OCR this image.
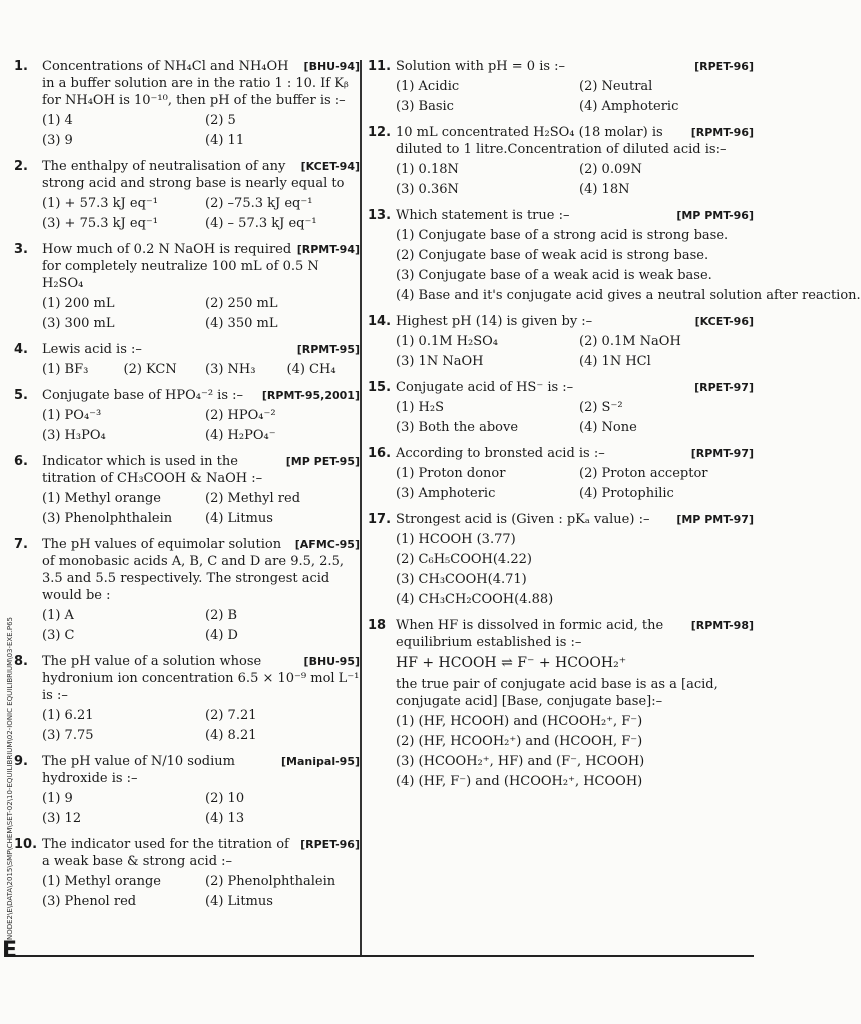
1.	[BHU-94]
Concentrations of NH₄Cl and NH₄OH in a buffer solution are in the ratio 1 : 10. If Kᵦ for NH₄OH is 10⁻¹⁰, then pH of the buffer is :–
(1) 4	(2) 5
(3) 9	(4) 11
2.	[KCET-94]
The enthalpy of neutralisation of any strong acid and strong base is nearly equal to
(1) + 57.3 kJ eq⁻¹	(2) –75.3 kJ eq⁻¹
(3) + 75.3 kJ eq⁻¹	(4) – 57.3 kJ eq⁻¹
3.	[RPMT-94]
How much of 0.2 N NaOH is required for completely neutralize 100 mL of 0.5 N H₂SO₄
(1) 200 mL	(2) 250 mL
(3) 300 mL	(4) 350 mL
4.	[RPMT-95]
Lewis acid is :–
(1) BF₃	(2) KCN	(3) NH₃	(4) CH₄
5.	[RPMT-95,2001]
Conjugate base of HPO₄⁻² is :–
(1) PO₄⁻³	(2) HPO₄⁻²
(3) H₃PO₄	(4) H₂PO₄⁻
6.	[MP PET-95]
Indicator which is used in the titration of CH₃COOH & NaOH :–
(1) Methyl orange	(2) Methyl red
(3) Phenolphthalein	(4) Litmus
7.	[AFMC-95]
The pH values of equimolar solution of monobasic acids A, B, C and D are 9.5, 2.5, 3.5 and 5.5 respectively. The strongest acid would be :
(1) A	(2) B
(3) C	(4) D
8.	[BHU-95]
The pH value of a solution whose hydronium ion concentration 6.5 × 10⁻⁹ mol L⁻¹ is :–
(1) 6.21	(2) 7.21
(3) 7.75	(4) 8.21
9.	[Manipal-95]
The pH value of N/10 sodium hydroxide is :–
(1) 9	(2) 10
(3) 12	(4) 13
10.	[RPET-96]
The indicator used for the titration of a weak base & strong acid :–
(1) Methyl orange	(2) Phenolphthalein
(3) Phenol red	(4) Litmus
11.	[RPET-96]
Solution with pH = 0 is :–
(1) Acidic	(2) Neutral
(3) Basic	(4) Amphoteric
12.	[RPMT-96]
10 mL concentrated H₂SO₄ (18 molar) is diluted to 1 litre.Concentration of diluted acid is:–
(1) 0.18N	(2) 0.09N
(3) 0.36N	(4) 18N
13.	[MP PMT-96]
Which statement is true :–
(1) Conjugate base of a strong acid is strong base.
(2) Conjugate base of weak acid is strong base.
(3) Conjugate base of a weak acid is weak base.
(4) Base and it's conjugate acid gives a neutral solution after reaction.
14.	[KCET-96]
Highest pH (14) is given by :–
(1) 0.1M H₂SO₄	(2) 0.1M NaOH
(3) 1N NaOH	(4) 1N HCl
15.	[RPET-97]
Conjugate acid of HS⁻ is :–
(1) H₂S	(2) S⁻²
(3) Both the above	(4) None
16.	[RPMT-97]
According to bronsted acid is :–
(1) Proton donor	(2) Proton acceptor
(3) Amphoteric	(4) Protophilic
17.	[MP PMT-97]
Strongest acid is (Given : pKₐ value) :–
(1) HCOOH (3.77)
(2) C₆H₅COOH(4.22)
(3) CH₃COOH(4.71)
(4) CH₃CH₂COOH(4.88)
18	[RPMT-98]
When HF is dissolved in formic acid, the equilibrium established is :–
HF + HCOOH ⇌ F⁻ + HCOOH₂⁺
the true pair of conjugate acid base is as a [acid, conjugate acid] [Base, conjugate base]:–
(1) (HF, HCOOH) and (HCOOH₂⁺, F⁻)
(2) (HF, HCOOH₂⁺) and (HCOOH, F⁻)
(3) (HCOOH₂⁺, HF) and (F⁻, HCOOH)
(4) (HF, F⁻) and (HCOOH₂⁺, HCOOH)
E
NODE2\E\DATA\2015\SMP\CHEM\SET-02\10-EQUILIBRIUM\02-IONIC EQUILIBRIUM\03-EXE.P65
